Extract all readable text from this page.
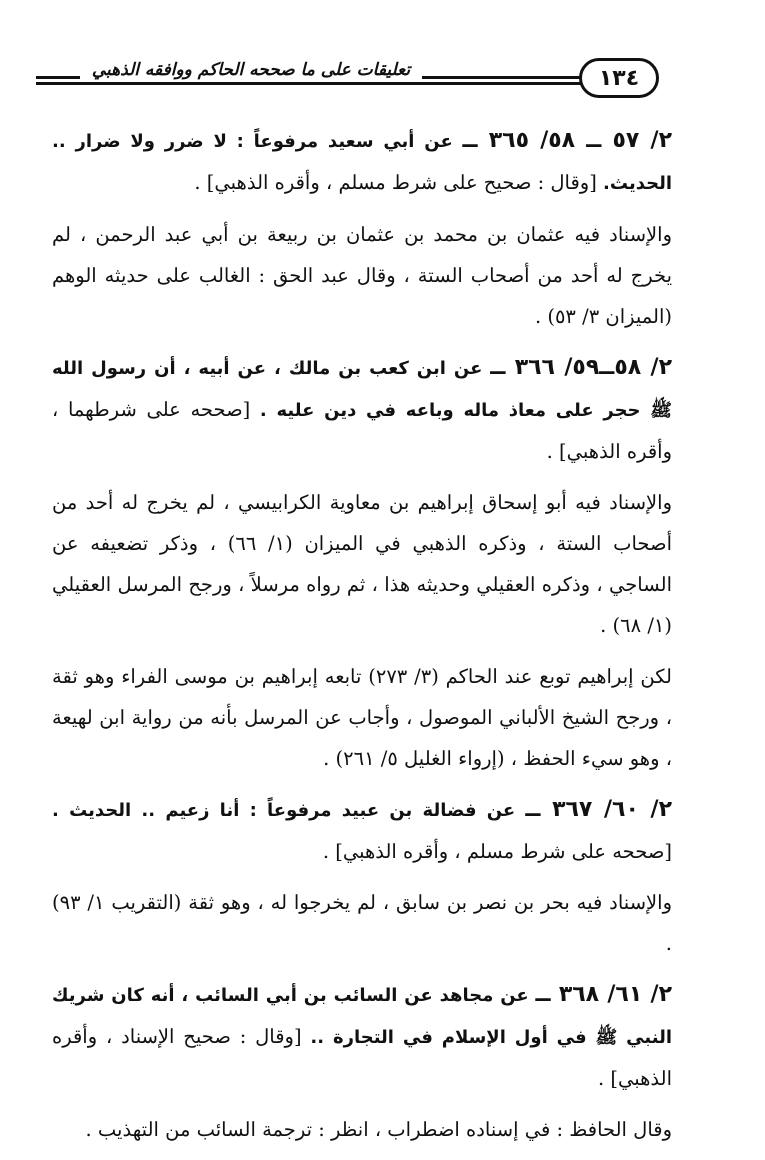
تعليقات على ما صححه الحاكم ووافقه الذهبي	١٣٤

٢/ ٥٧ ــ ٥٨/ ٣٦٥ ــ عن أبي سعيد مرفوعاً : لا ضرر ولا ضرار .. الحديث. [وقال : صحيح على شرط مسلم ، وأقره الذهبي] .

والإسناد فيه عثمان بن محمد بن عثمان بن ربيعة بن أبي عبد الرحمن ، لم يخرج له أحد من أصحاب الستة ، وقال عبد الحق : الغالب على حديثه الوهم (الميزان ٣/ ٥٣) .

٢/ ٥٨ــ٥٩/ ٣٦٦ ــ عن ابن كعب بن مالك ، عن أبيه ، أن رسول الله ﷺ حجر على معاذ ماله وباعه في دين عليه . [صححه على شرطهما ، وأقره الذهبي] .

والإسناد فيه أبو إسحاق إبراهيم بن معاوية الكرابيسي ، لم يخرج له أحد من أصحاب الستة ، وذكره الذهبي في الميزان (١/ ٦٦) ، وذكر تضعيفه عن الساجي ، وذكره العقيلي وحديثه هذا ، ثم رواه مرسلاً ، ورجح المرسل العقيلي (١/ ٦٨) .

لكن إبراهيم توبع عند الحاكم (٣/ ٢٧٣) تابعه إبراهيم بن موسى الفراء وهو ثقة ، ورجح الشيخ الألباني الموصول ، وأجاب عن المرسل بأنه من رواية ابن لهيعة ، وهو سيء الحفظ ، (إرواء الغليل ٥/ ٢٦١) .

٢/ ٦٠/ ٣٦٧ ــ عن فضالة بن عبيد مرفوعاً : أنا زعيم .. الحديث . [صححه على شرط مسلم ، وأقره الذهبي] .

والإسناد فيه بحر بن نصر بن سابق ، لم يخرجوا له ، وهو ثقة (التقريب ١/ ٩٣) .

٢/ ٦١/ ٣٦٨ ــ عن مجاهد عن السائب بن أبي السائب ، أنه كان شريك النبي ﷺ في أول الإسلام في التجارة .. [وقال : صحيح الإسناد ، وأقره الذهبي] .

وقال الحافظ : في إسناده اضطراب ، انظر : ترجمة السائب من التهذيب .
